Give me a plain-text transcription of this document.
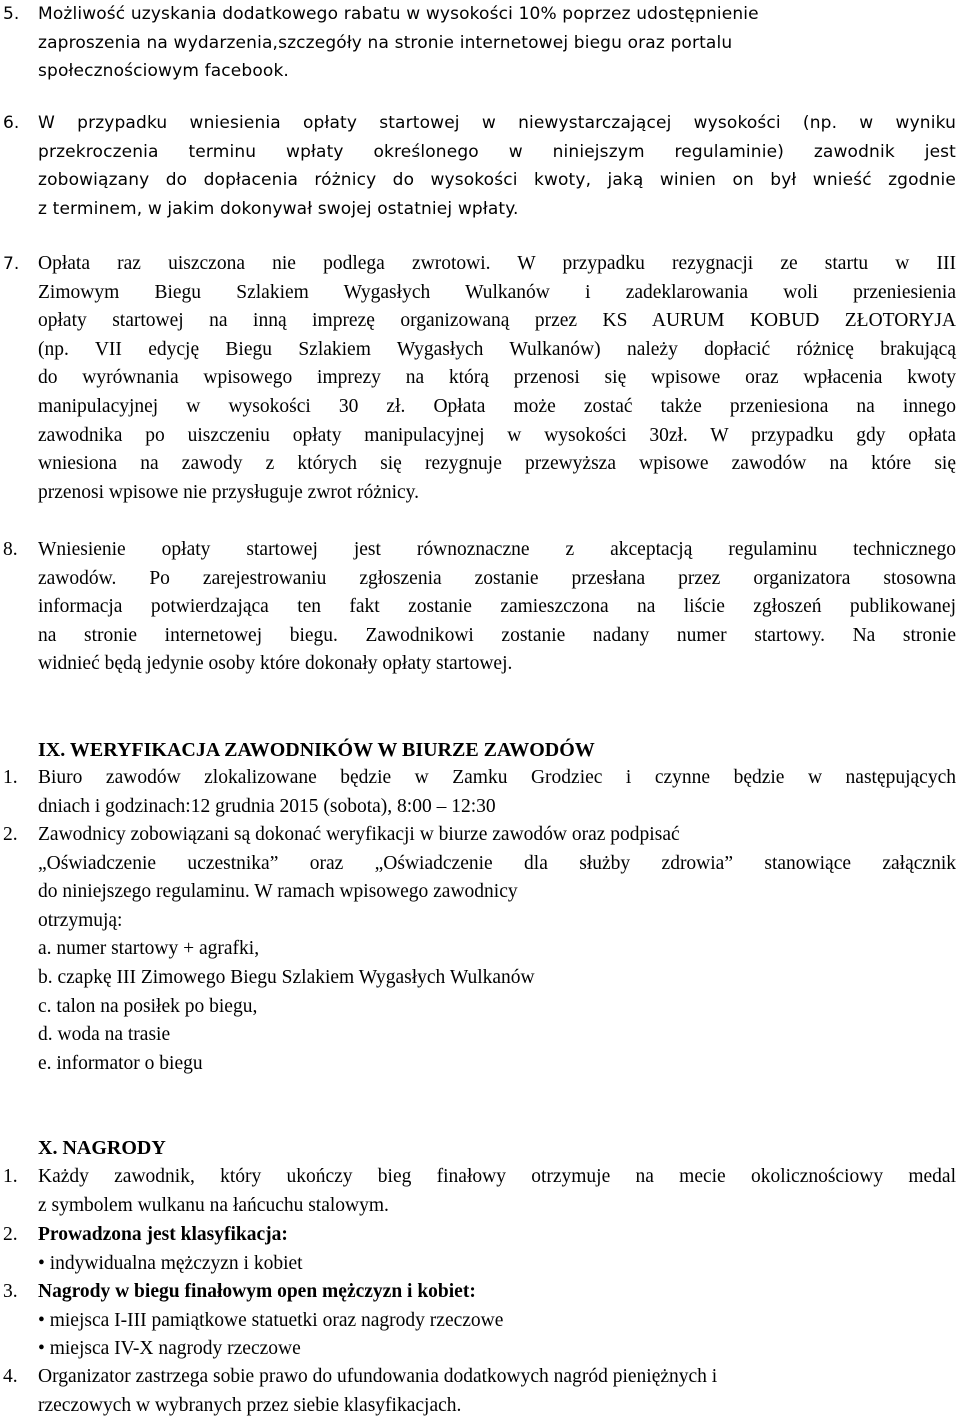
5. Możliwość uzyskania dodatkowego rabatu w wysokości 10% poprzez udostępnienie
zaproszenia na wydarzenia,szczegóły na stronie internetowej biegu oraz portalu
społecznościowym facebook.
6. W przypadku wniesienia opłaty startowej w niewystarczającej wysokości (np. w wyniku
przekroczenia terminu wpłaty określonego w niniejszym regulaminie) zawodnik jest
zobowiązany do dopłacenia różnicy do wysokości kwoty, jaką winien on był wnieść zgodnie
z terminem, w jakim dokonywał swojej ostatniej wpłaty.
7. Opłata raz uiszczona nie podlega zwrotowi. W przypadku rezygnacji ze startu w III
Zimowym Biegu Szlakiem Wygasłych Wulkanów i zadeklarowania woli przeniesienia
opłaty startowej na inną imprezę organizowaną przez KS AURUM KOBUD ZŁOTORYJA
(np. VII edycję Biegu Szlakiem Wygasłych Wulkanów) należy dopłacić różnicę brakującą
do wyrównania wpisowego imprezy na którą przenosi się wpisowe oraz wpłacenia kwoty
manipulacyjnej w wysokości 30 zł. Opłata może zostać także przeniesiona na innego
zawodnika po uiszczeniu opłaty manipulacyjnej w wysokości 30zł. W przypadku gdy opłata
wniesiona na zawody z których się rezygnuje przewyższa wpisowe zawodów na które się
przenosi wpisowe nie przysługuje zwrot różnicy.
8. Wniesienie opłaty startowej jest równoznaczne z akceptacją regulaminu technicznego
zawodów. Po zarejestrowaniu zgłoszenia zostanie przesłana przez organizatora stosowna
informacja potwierdzająca ten fakt zostanie zamieszczona na liście zgłoszeń publikowanej
na stronie internetowej biegu. Zawodnikowi zostanie nadany numer startowy. Na stronie
widnieć będą jedynie osoby które dokonały opłaty startowej.
IX. WERYFIKACJA ZAWODNIKÓW W BIURZE ZAWODÓW
1. Biuro zawodów zlokalizowane będzie w Zamku Grodziec i czynne będzie w następujących
dniach i godzinach:12 grudnia 2015 (sobota), 8:00 – 12:30
2. Zawodnicy zobowiązani są dokonać weryfikacji w biurze zawodów oraz podpisać
„Oświadczenie uczestnika” oraz „Oświadczenie dla służby zdrowia” stanowiące załącznik
do niniejszego regulaminu. W ramach wpisowego zawodnicy
otrzymują:
a. numer startowy + agrafki,
b. czapkę III Zimowego Biegu Szlakiem Wygasłych Wulkanów
c. talon na posiłek po biegu,
d. woda na trasie
e. informator o biegu
X. NAGRODY
1. Każdy zawodnik, który ukończy bieg finałowy otrzymuje na mecie okolicznościowy medal
z symbolem wulkanu na łańcuchu stalowym.
2. Prowadzona jest klasyfikacja:
• indywidualna mężczyzn i kobiet
3. Nagrody w biegu finałowym open mężczyzn i kobiet:
• miejsca I-III pamiątkowe statuetki oraz nagrody rzeczowe
• miejsca IV-X nagrody rzeczowe
4. Organizator zastrzega sobie prawo do ufundowania dodatkowych nagród pieniężnych i
rzeczowych w wybranych przez siebie klasyfikacjach.
